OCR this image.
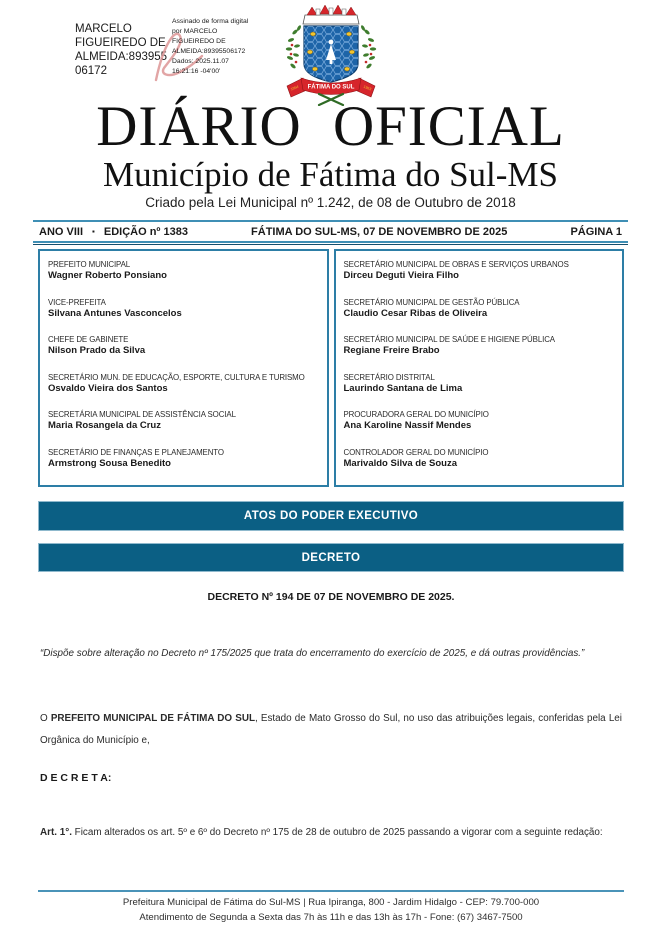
MARCELO FIGUEIREDO DE ALMEIDA:893955 06172
Assinado de forma digital
por MARCELO
FIGUEIREDO DE
ALMEIDA:89395506172
Dados: 2025.11.07
16:21:16 -04'00'
FÁTIMA DO SUL
1954	1963
DIÁRIO OFICIAL
Município de Fátima do Sul-MS
Criado pela Lei Municipal nº 1.242, de 08 de Outubro de 2018
ANO VIII ▪ EDIÇÃO nº 1383	FÁTIMA DO SUL-MS, 07 DE NOVEMBRO DE 2025	PÁGINA 1
PREFEITO MUNICIPAL
Wagner Roberto Ponsiano
VICE-PREFEITA
Silvana Antunes Vasconcelos
CHEFE DE GABINETE
Nilson Prado da Silva
SECRETÁRIO MUN. DE EDUCAÇÃO, ESPORTE, CULTURA E TURISMO
Osvaldo Vieira dos Santos
SECRETÁRIA MUNICIPAL DE ASSISTÊNCIA SOCIAL
Maria Rosangela da Cruz
SECRETÁRIO DE FINANÇAS E PLANEJAMENTO
Armstrong Sousa Benedito
SECRETÁRIO MUNICIPAL DE OBRAS E SERVIÇOS URBANOS
Dirceu Deguti Vieira Filho
SECRETÁRIO MUNICIPAL DE GESTÃO PÚBLICA
Claudio Cesar Ribas de Oliveira
SECRETÁRIO MUNICIPAL DE SAÚDE E HIGIENE PÚBLICA
Regiane Freire Brabo
SECRETÁRIO DISTRITAL
Laurindo Santana de Lima
PROCURADORA GERAL DO MUNICÍPIO
Ana Karoline Nassif Mendes
CONTROLADOR GERAL DO MUNICÍPIO
Marivaldo Silva de Souza
ATOS DO PODER EXECUTIVO
DECRETO
DECRETO Nº 194 DE 07 DE NOVEMBRO DE 2025.
“Dispõe sobre alteração no Decreto nº 175/2025 que trata do encerramento do exercício de 2025, e dá outras providências.”
O PREFEITO MUNICIPAL DE FÁTIMA DO SUL, Estado de Mato Grosso do Sul, no uso das atribuições legais, conferidas pela Lei Orgânica do Município e,
D E C R E T A:
Art. 1°. Ficam alterados os art. 5º e 6º do Decreto nº 175 de 28 de outubro de 2025 passando a vigorar com a seguinte redação:
Prefeitura Municipal de Fátima do Sul-MS | Rua Ipiranga, 800 - Jardim Hidalgo - CEP: 79.700-000
Atendimento de Segunda a Sexta das 7h às 11h e das 13h às 17h - Fone: (67) 3467-7500
